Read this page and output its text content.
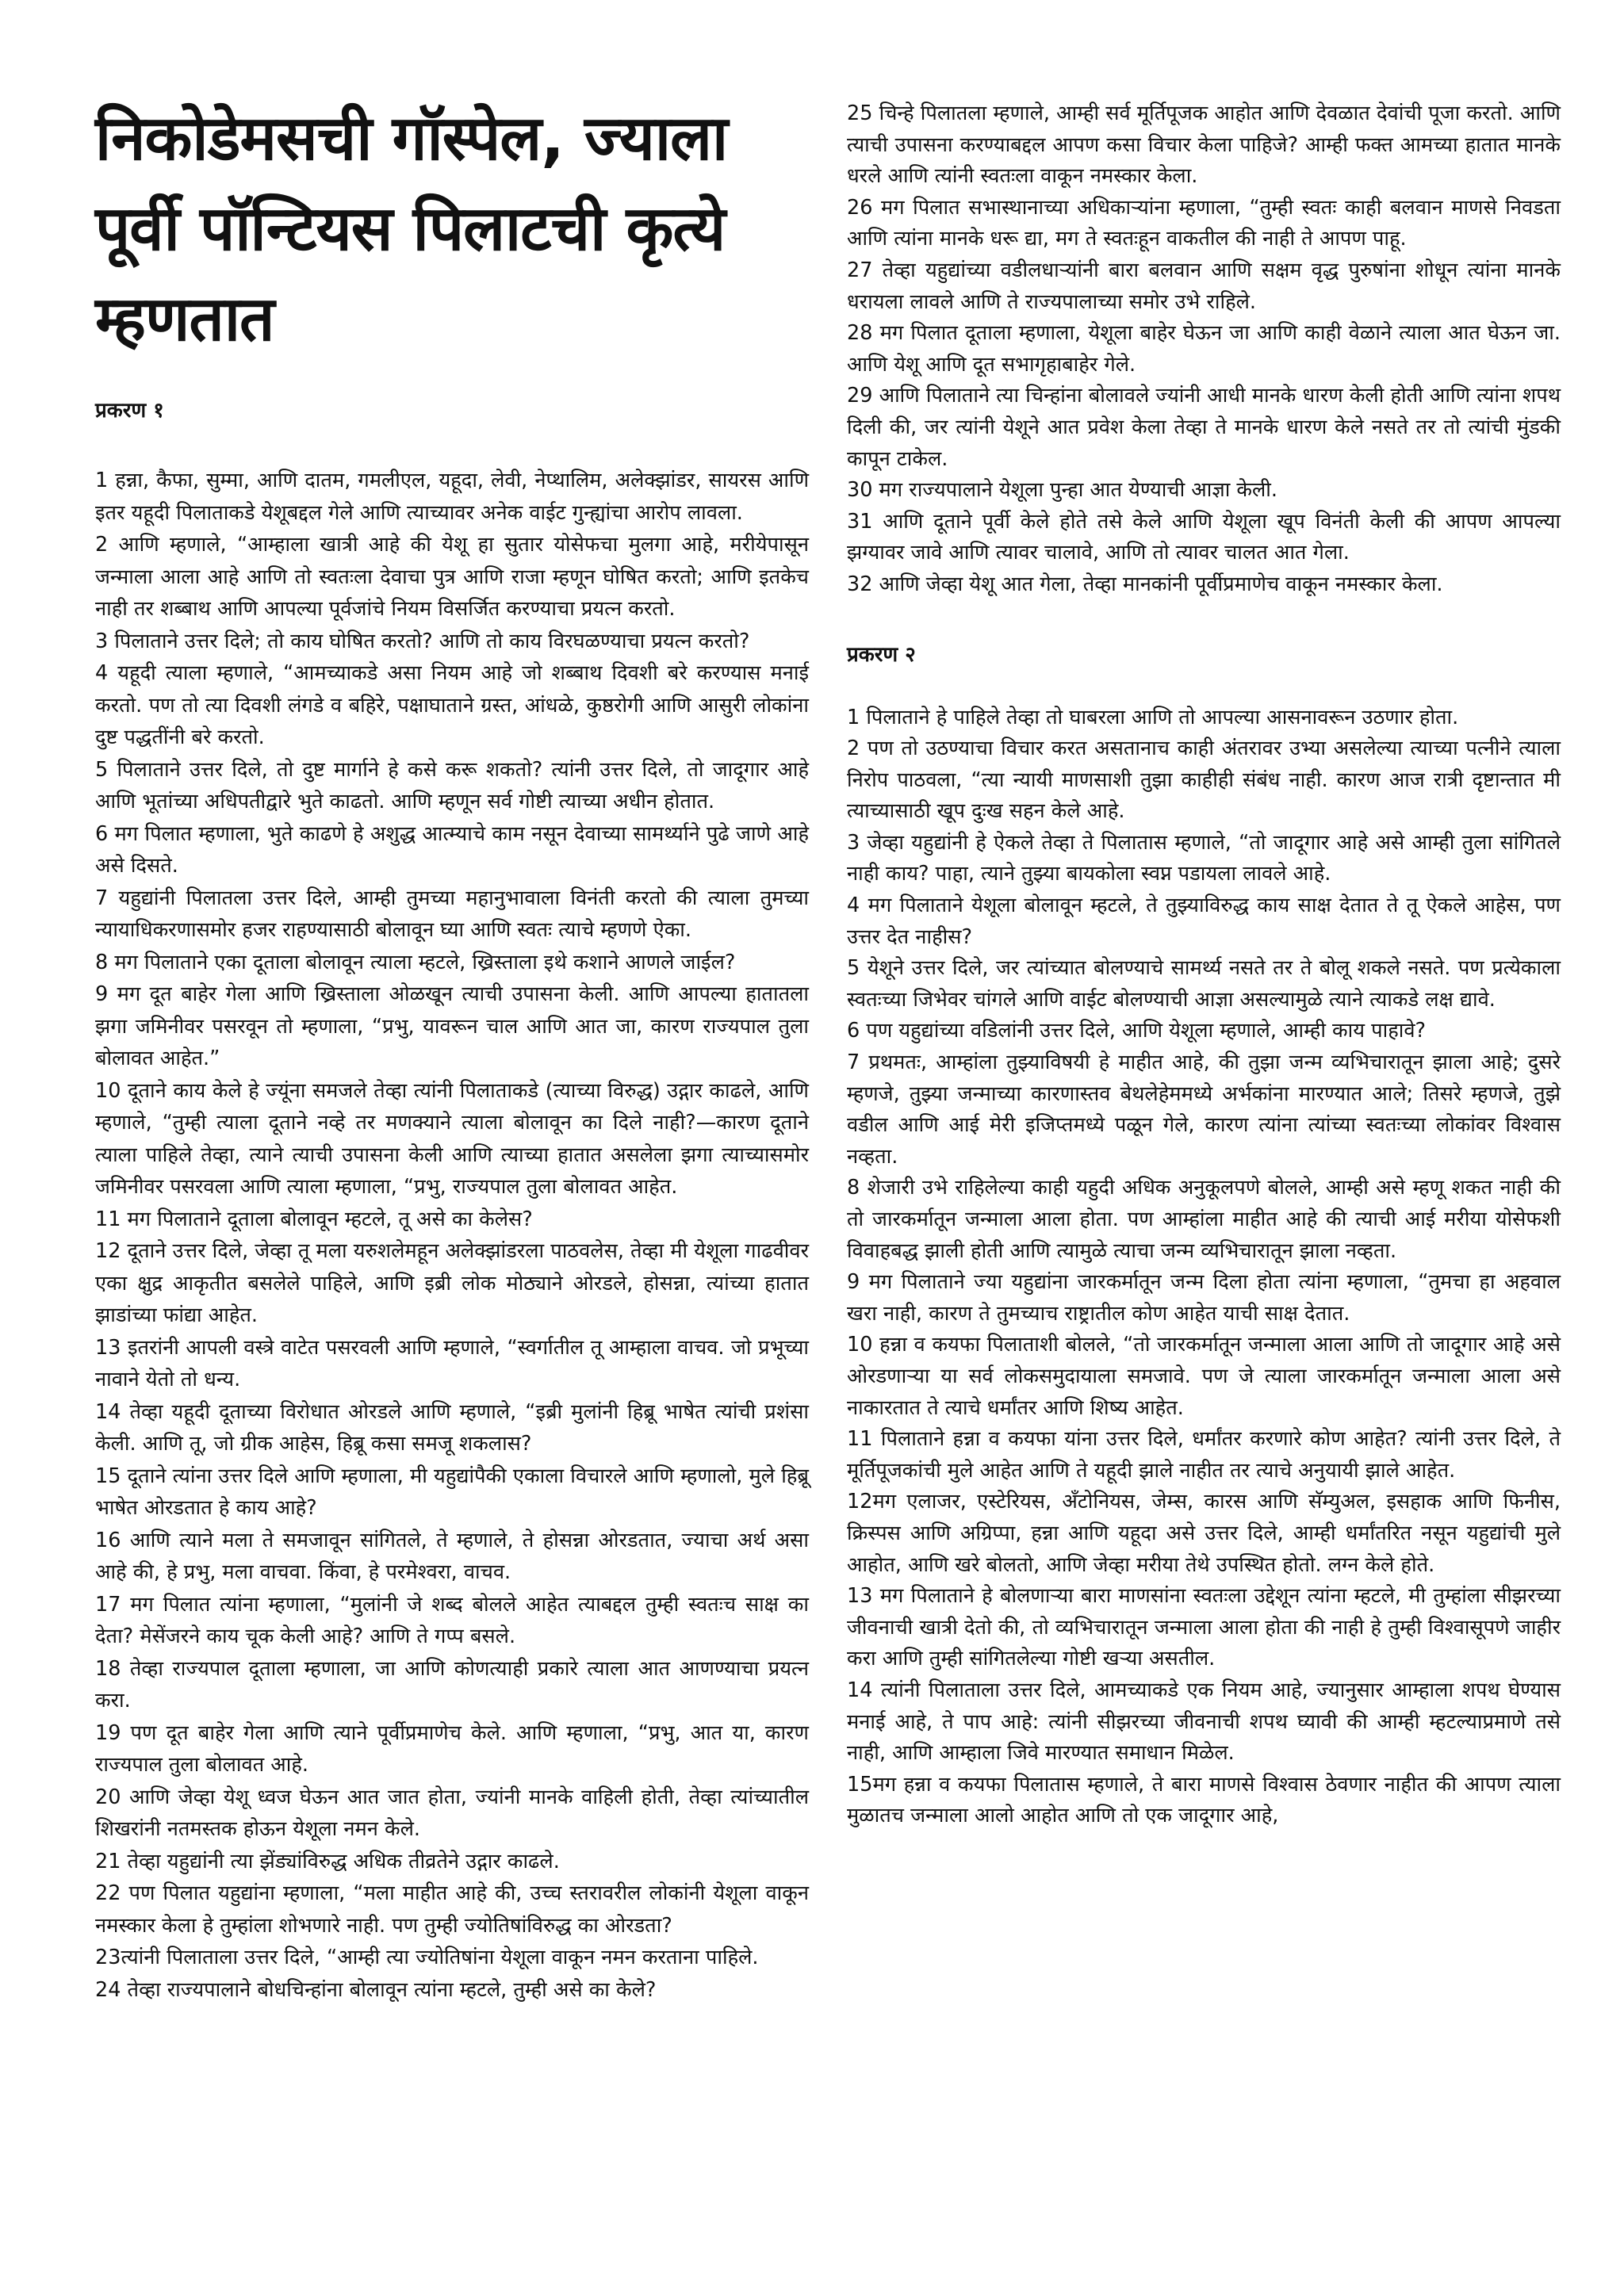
निकोडेमसची गॉस्पेल, ज्याला पूर्वी पॉन्टियस पिलाटची कृत्ये म्हणतात
प्रकरण १

1 हन्ना, कैफा, सुम्मा, आणि दातम, गमलीएल, यहूदा, लेवी, नेप्थालिम, अलेक्झांडर, सायरस आणि इतर यहूदी पिलाताकडे येशूबद्दल गेले आणि त्याच्यावर अनेक वाईट गुन्ह्यांचा आरोप लावला.

2 आणि म्हणाले, “आम्हाला खात्री आहे की येशू हा सुतार योसेफचा मुलगा आहे, मरीयेपासून जन्माला आला आहे आणि तो स्वतःला देवाचा पुत्र आणि राजा म्हणून घोषित करतो; आणि इतकेच नाही तर शब्बाथ आणि आपल्या पूर्वजांचे नियम विसर्जित करण्याचा प्रयत्न करतो.

3 पिलाताने उत्तर दिले; तो काय घोषित करतो? आणि तो काय विरघळण्याचा प्रयत्न करतो?

4 यहूदी त्याला म्हणाले, “आमच्याकडे असा नियम आहे जो शब्बाथ दिवशी बरे करण्यास मनाई करतो. पण तो त्या दिवशी लंगडे व बहिरे, पक्षाघाताने ग्रस्त, आंधळे, कुष्ठरोगी आणि आसुरी लोकांना दुष्ट पद्धतींनी बरे करतो.

5 पिलाताने उत्तर दिले, तो दुष्ट मार्गाने हे कसे करू शकतो? त्यांनी उत्तर दिले, तो जादूगार आहे आणि भूतांच्या अधिपतीद्वारे भुते काढतो. आणि म्हणून सर्व गोष्टी त्याच्या अधीन होतात.

6 मग पिलात म्हणाला, भुते काढणे हे अशुद्ध आत्म्याचे काम नसून देवाच्या सामर्थ्याने पुढे जाणे आहे असे दिसते.

7 यहुद्यांनी पिलातला उत्तर दिले, आम्ही तुमच्या महानुभावाला विनंती करतो की त्याला तुमच्या न्यायाधिकरणासमोर हजर राहण्यासाठी बोलावून घ्या आणि स्वतः त्याचे म्हणणे ऐका.

8 मग पिलाताने एका दूताला बोलावून त्याला म्हटले, ख्रिस्ताला इथे कशाने आणले जाईल?

9 मग दूत बाहेर गेला आणि ख्रिस्ताला ओळखून त्याची उपासना केली. आणि आपल्या हातातला झगा जमिनीवर पसरवून तो म्हणाला, “प्रभु, यावरून चाल आणि आत जा, कारण राज्यपाल तुला बोलावत आहेत.”

10 दूताने काय केले हे ज्यूंना समजले तेव्हा त्यांनी पिलाताकडे (त्याच्या विरुद्ध) उद्गार काढले, आणि म्हणाले, “तुम्ही त्याला दूताने नव्हे तर मणक्याने त्याला बोलावून का दिले नाही?—कारण दूताने त्याला पाहिले तेव्हा, त्याने त्याची उपासना केली आणि त्याच्या हातात असलेला झगा त्याच्यासमोर जमिनीवर पसरवला आणि त्याला म्हणाला, “प्रभु, राज्यपाल तुला बोलावत आहेत.

11 मग पिलाताने दूताला बोलावून म्हटले, तू असे का केलेस?

12 दूताने उत्तर दिले, जेव्हा तू मला यरुशलेमहून अलेक्झांडरला पाठवलेस, तेव्हा मी येशूला गाढवीवर एका क्षुद्र आकृतीत बसलेले पाहिले, आणि इब्री लोक मोठ्याने ओरडले, होसन्ना, त्यांच्या हातात झाडांच्या फांद्या आहेत.

13 इतरांनी आपली वस्त्रे वाटेत पसरवली आणि म्हणाले, “स्वर्गातील तू आम्हाला वाचव. जो प्रभूच्या नावाने येतो तो धन्य.

14 तेव्हा यहूदी दूताच्या विरोधात ओरडले आणि म्हणाले, “इब्री मुलांनी हिब्रू भाषेत त्यांची प्रशंसा केली. आणि तू, जो ग्रीक आहेस, हिब्रू कसा समजू शकलास?

15 दूताने त्यांना उत्तर दिले आणि म्हणाला, मी यहुद्यांपैकी एकाला विचारले आणि म्हणालो, मुले हिब्रू भाषेत ओरडतात हे काय आहे?

16 आणि त्याने मला ते समजावून सांगितले, ते म्हणाले, ते होसन्ना ओरडतात, ज्याचा अर्थ असा आहे की, हे प्रभु, मला वाचवा. किंवा, हे परमेश्वरा, वाचव.

17 मग पिलात त्यांना म्हणाला, “मुलांनी जे शब्द बोलले आहेत त्याबद्दल तुम्ही स्वतःच साक्ष का देता? मेसेंजरने काय चूक केली आहे? आणि ते गप्प बसले.

18 तेव्हा राज्यपाल दूताला म्हणाला, जा आणि कोणत्याही प्रकारे त्याला आत आणण्याचा प्रयत्न करा.

19 पण दूत बाहेर गेला आणि त्याने पूर्वीप्रमाणेच केले. आणि म्हणाला, “प्रभु, आत या, कारण राज्यपाल तुला बोलावत आहे.

20 आणि जेव्हा येशू ध्वज घेऊन आत जात होता, ज्यांनी मानके वाहिली होती, तेव्हा त्यांच्यातील शिखरांनी नतमस्तक होऊन येशूला नमन केले.

21 तेव्हा यहुद्यांनी त्या झेंड्यांविरुद्ध अधिक तीव्रतेने उद्गार काढले.

22 पण पिलात यहुद्यांना म्हणाला, “मला माहीत आहे की, उच्च स्तरावरील लोकांनी येशूला वाकून नमस्कार केला हे तुम्हांला शोभणारे नाही. पण तुम्ही ज्योतिषांविरुद्ध का ओरडता?

23त्यांनी पिलाताला उत्तर दिले, “आम्ही त्या ज्योतिषांना येशूला वाकून नमन करताना पाहिले.

24 तेव्हा राज्यपालाने बोधचिन्हांना बोलावून त्यांना म्हटले, तुम्ही असे का केले?

25 चिन्हे पिलातला म्हणाले, आम्ही सर्व मूर्तिपूजक आहोत आणि देवळात देवांची पूजा करतो. आणि त्याची उपासना करण्याबद्दल आपण कसा विचार केला पाहिजे? आम्ही फक्त आमच्या हातात मानके धरले आणि त्यांनी स्वतःला वाकून नमस्कार केला.

26 मग पिलात सभास्थानाच्या अधिकाऱ्यांना म्हणाला, “तुम्ही स्वतः काही बलवान माणसे निवडता आणि त्यांना मानके धरू द्या, मग ते स्वतःहून वाकतील की नाही ते आपण पाहू.

27 तेव्हा यहुद्यांच्या वडीलधाऱ्यांनी बारा बलवान आणि सक्षम वृद्ध पुरुषांना शोधून त्यांना मानके धरायला लावले आणि ते राज्यपालाच्या समोर उभे राहिले.

28 मग पिलात दूताला म्हणाला, येशूला बाहेर घेऊन जा आणि काही वेळाने त्याला आत घेऊन जा. आणि येशू आणि दूत सभागृहाबाहेर गेले.

29 आणि पिलाताने त्या चिन्हांना बोलावले ज्यांनी आधी मानके धारण केली होती आणि त्यांना शपथ दिली की, जर त्यांनी येशूने आत प्रवेश केला तेव्हा ते मानके धारण केले नसते तर तो त्यांची मुंडकी कापून टाकेल.

30 मग राज्यपालाने येशूला पुन्हा आत येण्याची आज्ञा केली.

31 आणि दूताने पूर्वी केले होते तसे केले आणि येशूला खूप विनंती केली की आपण आपल्या झग्यावर जावे आणि त्यावर चालावे, आणि तो त्यावर चालत आत गेला.

32 आणि जेव्हा येशू आत गेला, तेव्हा मानकांनी पूर्वीप्रमाणेच वाकून नमस्कार केला.

प्रकरण २

1 पिलाताने हे पाहिले तेव्हा तो घाबरला आणि तो आपल्या आसनावरून उठणार होता.

2 पण तो उठण्याचा विचार करत असतानाच काही अंतरावर उभ्या असलेल्या त्याच्या पत्नीने त्याला निरोप पाठवला, “त्या न्यायी माणसाशी तुझा काहीही संबंध नाही. कारण आज रात्री दृष्टान्तात मी त्याच्यासाठी खूप दुःख सहन केले आहे.

3 जेव्हा यहुद्यांनी हे ऐकले तेव्हा ते पिलातास म्हणाले, “तो जादूगार आहे असे आम्ही तुला सांगितले नाही काय? पाहा, त्याने तुझ्या बायकोला स्वप्न पडायला लावले आहे.

4 मग पिलाताने येशूला बोलावून म्हटले, ते तुझ्याविरुद्ध काय साक्ष देतात ते तू ऐकले आहेस, पण उत्तर देत नाहीस?

5 येशूने उत्तर दिले, जर त्यांच्यात बोलण्याचे सामर्थ्य नसते तर ते बोलू शकले नसते. पण प्रत्येकाला स्वतःच्या जिभेवर चांगले आणि वाईट बोलण्याची आज्ञा असल्यामुळे त्याने त्याकडे लक्ष द्यावे.

6 पण यहुद्यांच्या वडिलांनी उत्तर दिले, आणि येशूला म्हणाले, आम्ही काय पाहावे?

7 प्रथमतः, आम्हांला तुझ्याविषयी हे माहीत आहे, की तुझा जन्म व्यभिचारातून झाला आहे; दुसरे म्हणजे, तुझ्या जन्माच्या कारणास्तव बेथलेहेममध्ये अर्भकांना मारण्यात आले; तिसरे म्हणजे, तुझे वडील आणि आई मेरी इजिप्तमध्ये पळून गेले, कारण त्यांना त्यांच्या स्वतःच्या लोकांवर विश्वास नव्हता.

8 शेजारी उभे राहिलेल्या काही यहुदी अधिक अनुकूलपणे बोलले, आम्ही असे म्हणू शकत नाही की तो जारकर्मातून जन्माला आला होता. पण आम्हांला माहीत आहे की त्याची आई मरीया योसेफशी विवाहबद्ध झाली होती आणि त्यामुळे त्याचा जन्म व्यभिचारातून झाला नव्हता.

9 मग पिलाताने ज्या यहुद्यांना जारकर्मातून जन्म दिला होता त्यांना म्हणाला, “तुमचा हा अहवाल खरा नाही, कारण ते तुमच्याच राष्ट्रातील कोण आहेत याची साक्ष देतात.

10 हन्ना व कयफा पिलाताशी बोलले, “तो जारकर्मातून जन्माला आला आणि तो जादूगार आहे असे ओरडणाऱ्या या सर्व लोकसमुदायाला समजावे. पण जे त्याला जारकर्मातून जन्माला आला असे नाकारतात ते त्याचे धर्मांतर आणि शिष्य आहेत.

11 पिलाताने हन्ना व कयफा यांना उत्तर दिले, धर्मांतर करणारे कोण आहेत? त्यांनी उत्तर दिले, ते मूर्तिपूजकांची मुले आहेत आणि ते यहूदी झाले नाहीत तर त्याचे अनुयायी झाले आहेत.

12मग एलाजर, एस्टेरियस, अँटोनियस, जेम्स, कारस आणि सॅम्युअल, इसहाक आणि फिनीस, क्रिस्पस आणि अग्रिप्पा, हन्ना आणि यहूदा असे उत्तर दिले, आम्ही धर्मांतरित नसून यहुद्यांची मुले आहोत, आणि खरे बोलतो, आणि जेव्हा मरीया तेथे उपस्थित होतो. लग्न केले होते.

13 मग पिलाताने हे बोलणाऱ्या बारा माणसांना स्वतःला उद्देशून त्यांना म्हटले, मी तुम्हांला सीझरच्या जीवनाची खात्री देतो की, तो व्यभिचारातून जन्माला आला होता की नाही हे तुम्ही विश्वासूपणे जाहीर करा आणि तुम्ही सांगितलेल्या गोष्टी खऱ्या असतील.

14 त्यांनी पिलाताला उत्तर दिले, आमच्याकडे एक नियम आहे, ज्यानुसार आम्हाला शपथ घेण्यास मनाई आहे, ते पाप आहे: त्यांनी सीझरच्या जीवनाची शपथ घ्यावी की आम्ही म्हटल्याप्रमाणे तसे नाही, आणि आम्हाला जिवे मारण्यात समाधान मिळेल.

15मग हन्ना व कयफा पिलातास म्हणाले, ते बारा माणसे विश्वास ठेवणार नाहीत की आपण त्याला मुळातच जन्माला आलो आहोत आणि तो एक जादूगार आहे,
